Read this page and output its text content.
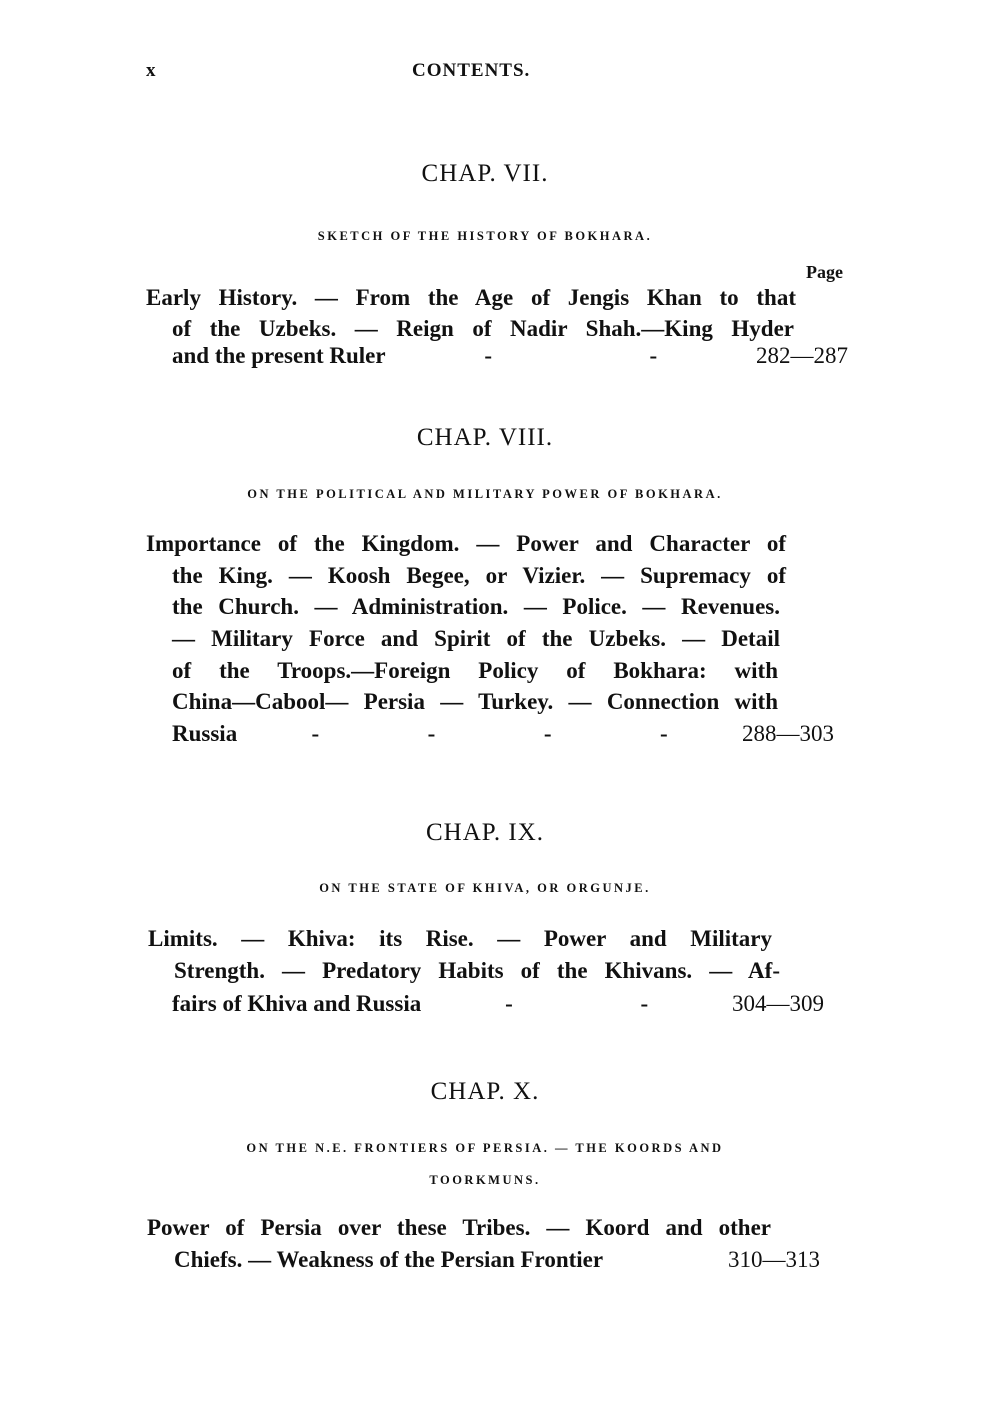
x	CONTENTS.
CHAP. VII.
SKETCH OF THE HISTORY OF BOKHARA.
Page
Early History. — From the Age of Jengis Khan to that
of the Uzbeks. — Reign of Nadir Shah.—King Hyder
and the present Ruler	-	-	282—287
CHAP. VIII.
ON THE POLITICAL AND MILITARY POWER OF BOKHARA.
Importance of the Kingdom. — Power and Character of
the King. — Koosh Begee, or Vizier. — Supremacy of
the Church. — Administration. — Police. — Revenues.
— Military Force and Spirit of the Uzbeks. — Detail
of the Troops.—Foreign Policy of Bokhara: with
China—Cabool— Persia — Turkey. — Connection with
Russia	-	-	-	-	288—303
CHAP. IX.
ON THE STATE OF KHIVA, OR ORGUNJE.
Limits. — Khiva: its Rise. — Power and Military
Strength. — Predatory Habits of the Khivans. — Af-
fairs of Khiva and Russia	-	-	304—309
CHAP. X.
ON THE N.E. FRONTIERS OF PERSIA. — THE KOORDS AND
TOORKMUNS.
Power of Persia over these Tribes. — Koord and other
Chiefs. — Weakness of the Persian Frontier	310—313
